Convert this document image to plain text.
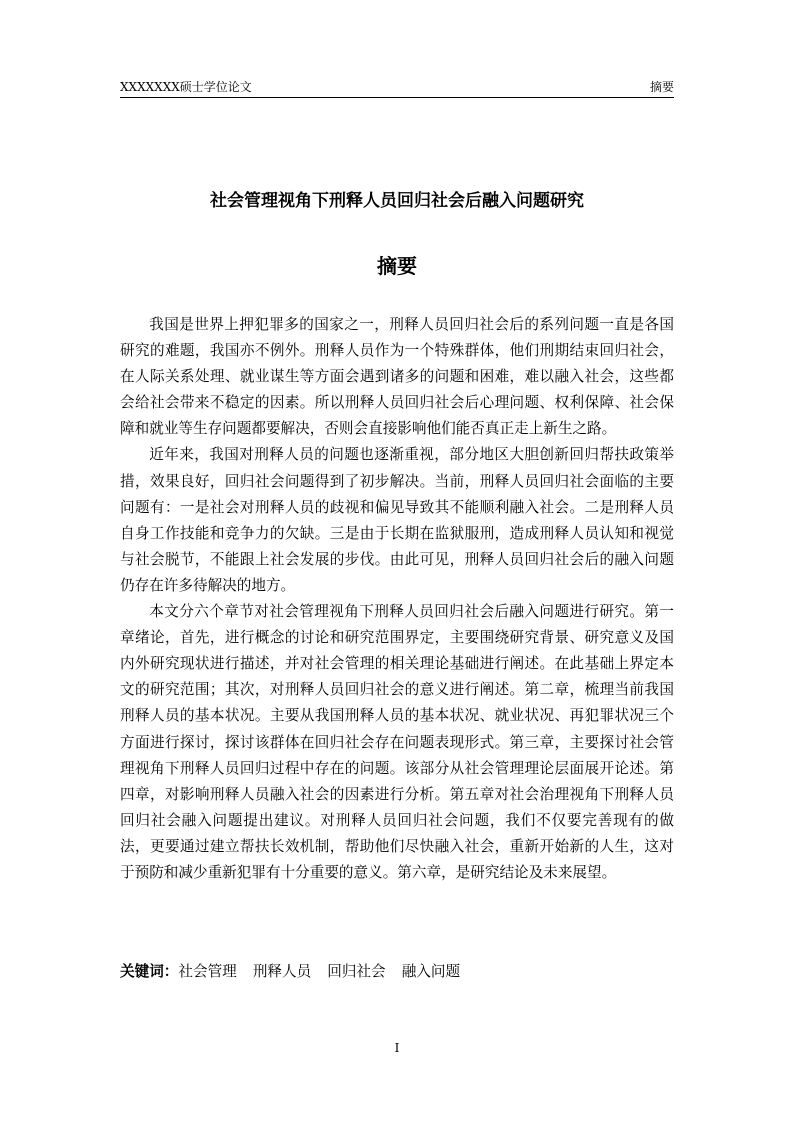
XXXXXXX硕士学位论文	摘要
社会管理视角下刑释人员回归社会后融入问题研究
摘要

我国是世界上押犯罪多的国家之一，刑释人员回归社会后的系列问题一直是各国研究的难题，我国亦不例外。刑释人员作为一个特殊群体，他们刑期结束回归社会，在人际关系处理、就业谋生等方面会遇到诸多的问题和困难，难以融入社会，这些都会给社会带来不稳定的因素。所以刑释人员回归社会后心理问题、权利保障、社会保障和就业等生存问题都要解决，否则会直接影响他们能否真正走上新生之路。

近年来，我国对刑释人员的问题也逐渐重视，部分地区大胆创新回归帮扶政策举措，效果良好，回归社会问题得到了初步解决。当前，刑释人员回归社会面临的主要问题有：一是社会对刑释人员的歧视和偏见导致其不能顺利融入社会。二是刑释人员自身工作技能和竞争力的欠缺。三是由于长期在监狱服刑，造成刑释人员认知和视觉与社会脱节，不能跟上社会发展的步伐。由此可见，刑释人员回归社会后的融入问题仍存在许多待解决的地方。

本文分六个章节对社会管理视角下刑释人员回归社会后融入问题进行研究。第一章绪论，首先，进行概念的讨论和研究范围界定，主要围绕研究背景、研究意义及国内外研究现状进行描述，并对社会管理的相关理论基础进行阐述。在此基础上界定本文的研究范围；其次，对刑释人员回归社会的意义进行阐述。第二章，梳理当前我国刑释人员的基本状况。主要从我国刑释人员的基本状况、就业状况、再犯罪状况三个方面进行探讨，探讨该群体在回归社会存在问题表现形式。第三章，主要探讨社会管理视角下刑释人员回归过程中存在的问题。该部分从社会管理理论层面展开论述。第四章，对影响刑释人员融入社会的因素进行分析。第五章对社会治理视角下刑释人员回归社会融入问题提出建议。对刑释人员回归社会问题，我们不仅要完善现有的做法，更要通过建立帮扶长效机制，帮助他们尽快融入社会，重新开始新的人生，这对于预防和减少重新犯罪有十分重要的意义。第六章，是研究结论及未来展望。

关键词：社会管理 刑释人员 回归社会 融入问题
I
